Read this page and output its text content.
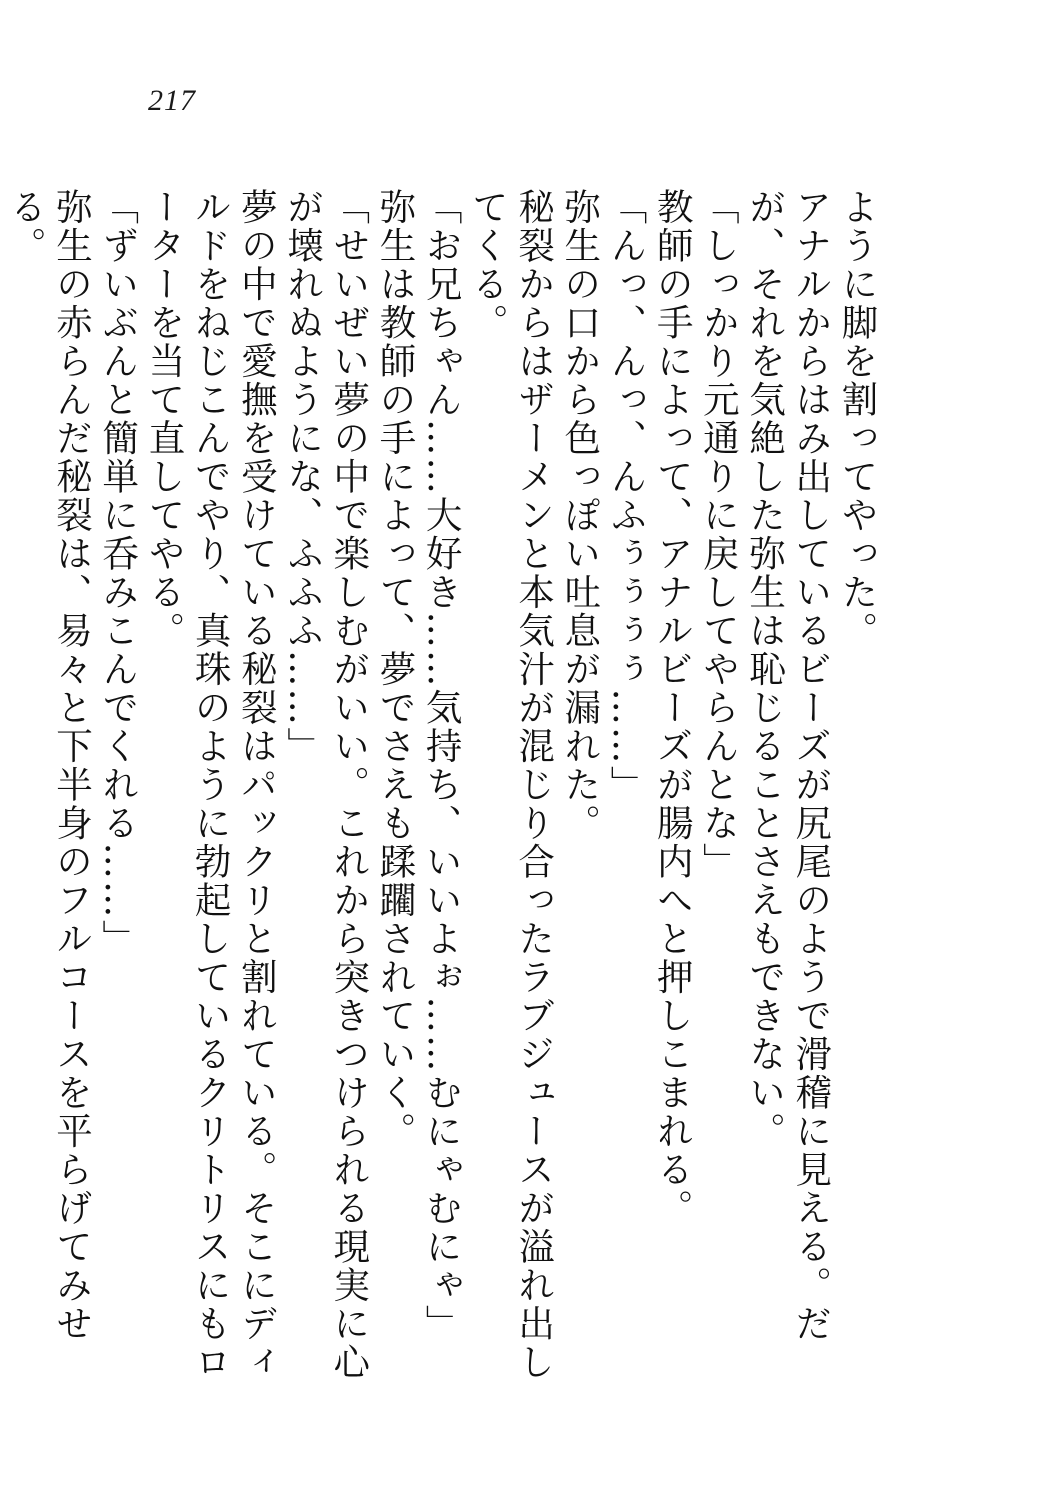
217

ように脚を割ってやった。

アナルからはみ出しているビーズが尻尾のようで滑稽に見える。だが、それを気絶した弥生は恥じることさえもできない。

「しっかり元通りに戻してやらんとな」

教師の手によって、アナルビーズが腸内へと押しこまれる。

「んっ、んっ、んふぅぅぅぅ……」

弥生の口から色っぽい吐息が漏れた。

秘裂からはザーメンと本気汁が混じり合ったラブジュースが溢れ出してくる。

「お兄ちゃん……大好き……気持ち、いいよぉ……むにゃむにゃ」

弥生は教師の手によって、夢でさえも蹂躙されていく。

「せいぜい夢の中で楽しむがいい。これから突きつけられる現実に心が壊れぬようにな、ふふふ……」

夢の中で愛撫を受けている秘裂はパックリと割れている。そこにディルドをねじこんでやり、真珠のように勃起しているクリトリスにもローターを当て直してやる。

「ずいぶんと簡単に呑みこんでくれる……」

弥生の赤らんだ秘裂は、易々と下半身のフルコースを平らげてみせる。
